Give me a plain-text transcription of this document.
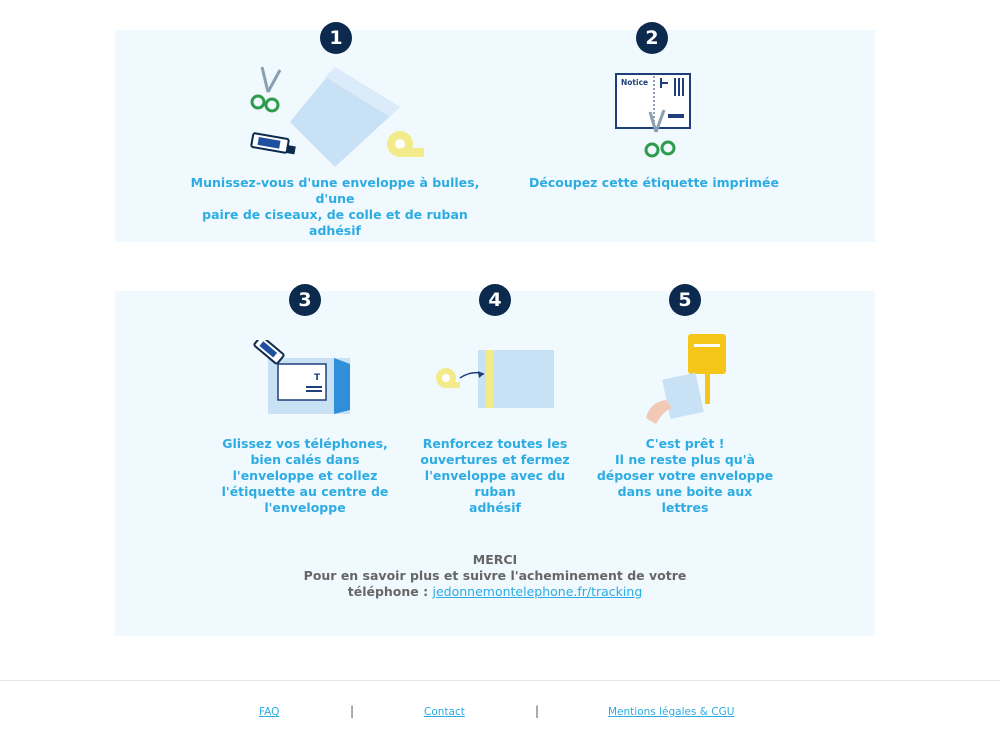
1	2
Munissez-vous d'une enveloppe à bulles, d'une
paire de ciseaux, de colle et de ruban adhésif
Notice
Découpez cette étiquette imprimée
3	4	5
T
Glissez vos téléphones,
bien calés dans
l'enveloppe et collez
l'étiquette au centre de
l'enveloppe
Renforcez toutes les
ouvertures et fermez
l'enveloppe avec du ruban
adhésif
C'est prêt !
Il ne reste plus qu'à
déposer votre enveloppe
dans une boite aux lettres
MERCI
Pour en savoir plus et suivre l'acheminement de votre
téléphone : jedonnemontelephone.fr/tracking
FAQ	|	Contact	|	Mentions légales & CGU
